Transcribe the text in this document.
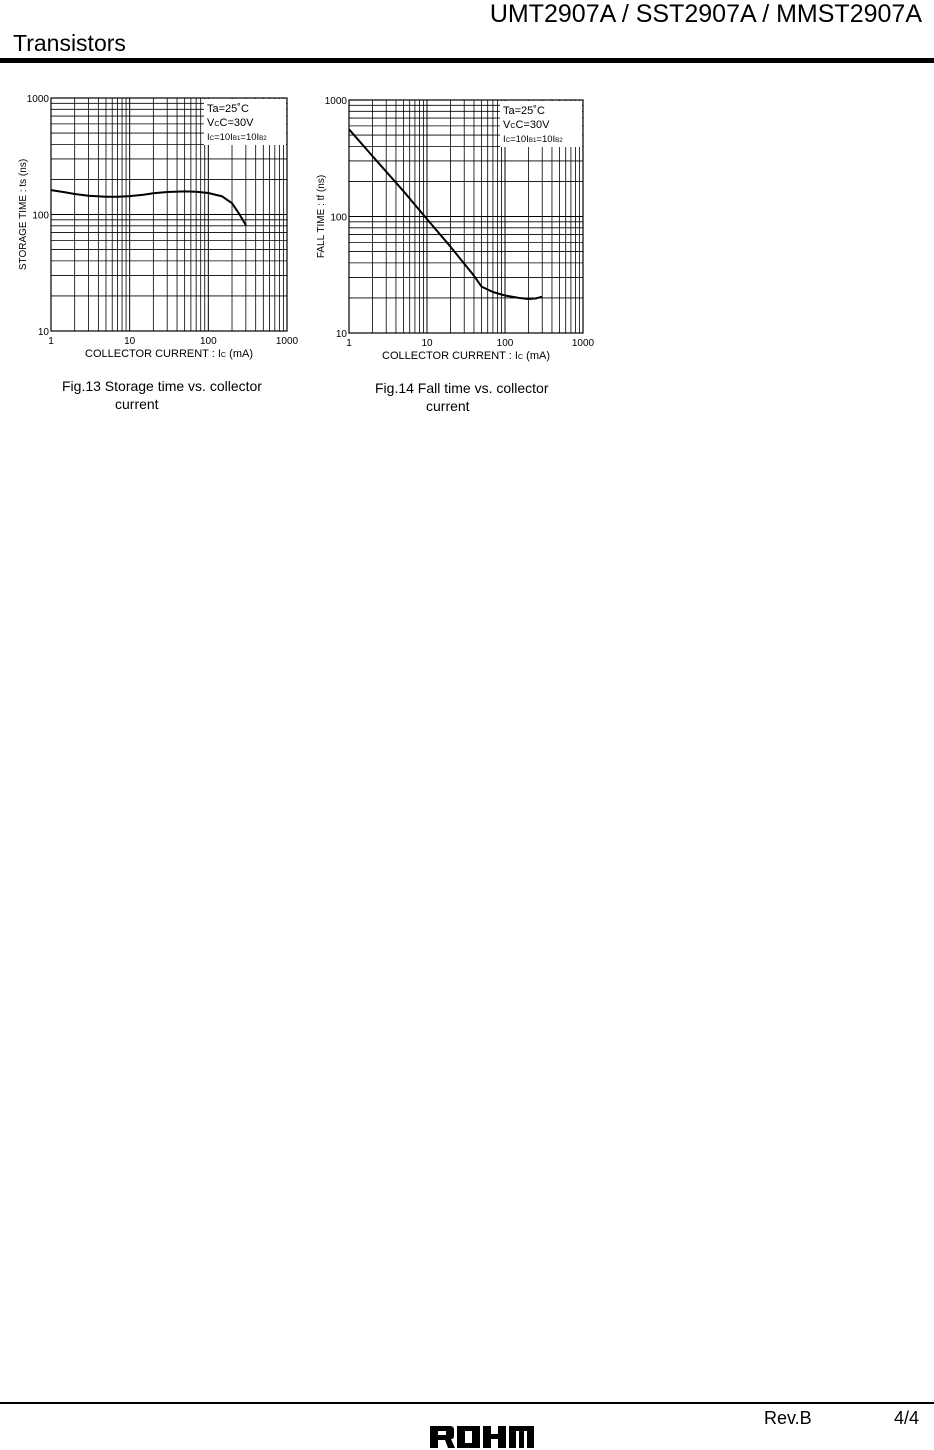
UMT2907A / SST2907A / MMST2907A
Transistors
1	10	100	1000
10
100
1000
COLLECTOR CURRENT : IC (mA)
STORAGE TIME : ts (ns)
Ta=25˚C
VCC=30V
IC=10IB1=10IB2
Fig.13 Storage time vs. collector
current
1	10	100	1000
10
100
1000
COLLECTOR CURRENT : IC (mA)
FALL TIME : tf (ns)
Ta=25˚C
VCC=30V
IC=10IB1=10IB2
Fig.14 Fall time vs. collector
current
Rev.B	4/4
